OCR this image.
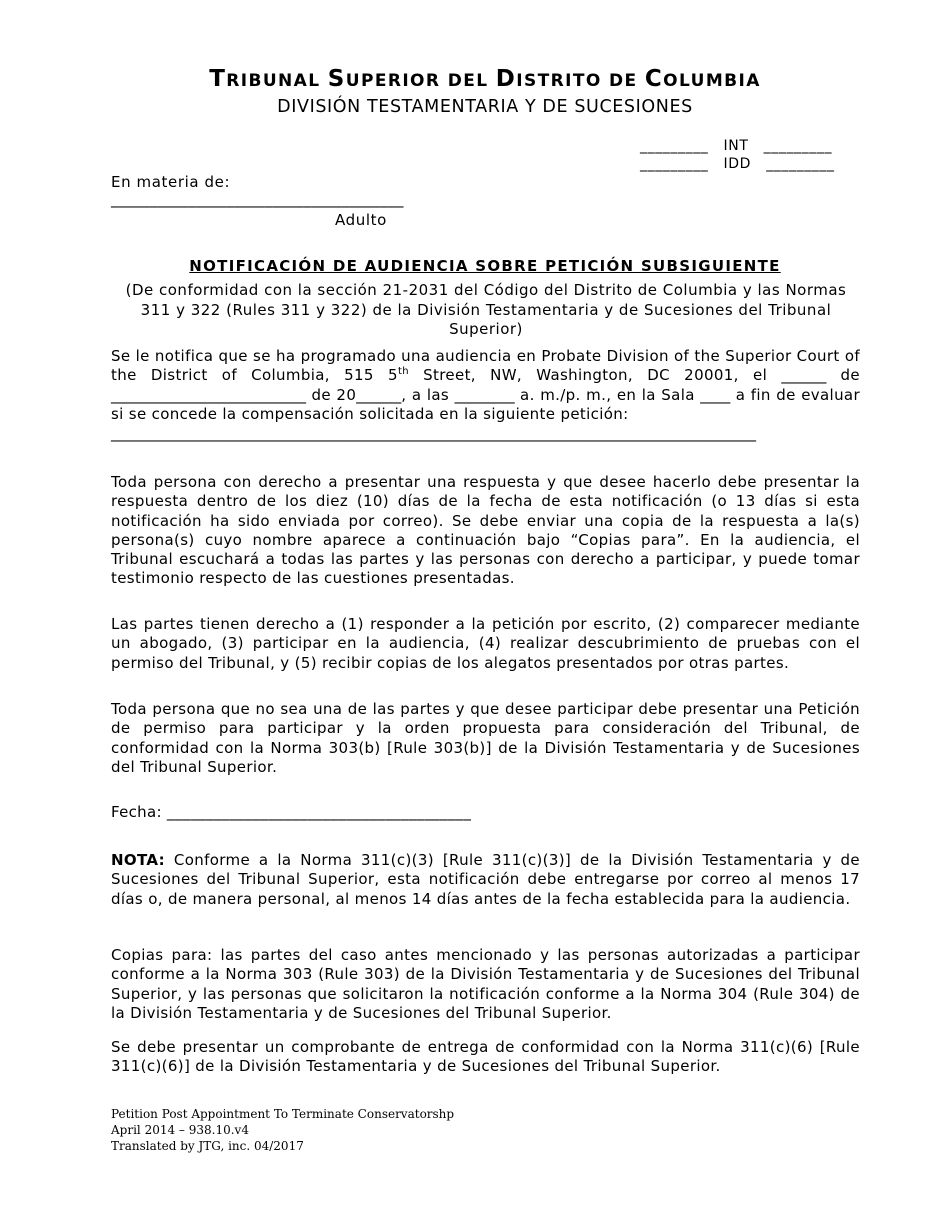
TRIBUNAL SUPERIOR DEL DISTRITO DE COLUMBIA
DIVISIÓN TESTAMENTARIA Y DE SUCESIONES
_________   INT   _________
_________   IDD   _________
En materia de:
______________________________________
Adulto
NOTIFICACIÓN DE AUDIENCIA SOBRE PETICIÓN SUBSIGUIENTE
(De conformidad con la sección 21-2031 del Código del Distrito de Columbia y las Normas 311 y 322 (Rules 311 y 322) de la División Testamentaria y de Sucesiones del Tribunal Superior)
Se le notifica que se ha programado una audiencia en Probate Division of the Superior Court of the District of Columbia, 515 5th Street, NW, Washington, DC 20001, el ______ de __________________________ de 20______, a las ________ a. m./p. m., en la Sala ____ a fin de evaluar si se concede la compensación solicitada en la siguiente petición:
______________________________________________________________________________________
Toda persona con derecho a presentar una respuesta y que desee hacerlo debe presentar la respuesta dentro de los diez (10) días de la fecha de esta notificación (o 13 días si esta notificación ha sido enviada por correo). Se debe enviar una copia de la respuesta a la(s) persona(s) cuyo nombre aparece a continuación bajo “Copias para”. En la audiencia, el Tribunal escuchará a todas las partes y las personas con derecho a participar, y puede tomar testimonio respecto de las cuestiones presentadas.
Las partes tienen derecho a (1) responder a la petición por escrito, (2) comparecer mediante un abogado, (3) participar en la audiencia, (4) realizar descubrimiento de pruebas con el permiso del Tribunal, y (5) recibir copias de los alegatos presentados por otras partes.
Toda persona que no sea una de las partes y que desee participar debe presentar una Petición de permiso para participar y la orden propuesta para consideración del Tribunal, de conformidad con la Norma 303(b) [Rule 303(b)] de la División Testamentaria y de Sucesiones del Tribunal Superior.
Fecha: _______________________________________
NOTA: Conforme a la Norma 311(c)(3) [Rule 311(c)(3)] de la División Testamentaria y de Sucesiones del Tribunal Superior, esta notificación debe entregarse por correo al menos 17 días o, de manera personal, al menos 14 días antes de la fecha establecida para la audiencia.
Copias para: las partes del caso antes mencionado y las personas autorizadas a participar conforme a la Norma 303 (Rule 303) de la División Testamentaria y de Sucesiones del Tribunal Superior, y las personas que solicitaron la notificación conforme a la Norma 304 (Rule 304) de la División Testamentaria y de Sucesiones del Tribunal Superior.
Se debe presentar un comprobante de entrega de conformidad con la Norma 311(c)(6) [Rule 311(c)(6)] de la División Testamentaria y de Sucesiones del Tribunal Superior.
Petition Post Appointment To Terminate Conservatorshp
April 2014 – 938.10.v4
Translated by JTG, inc. 04/2017
